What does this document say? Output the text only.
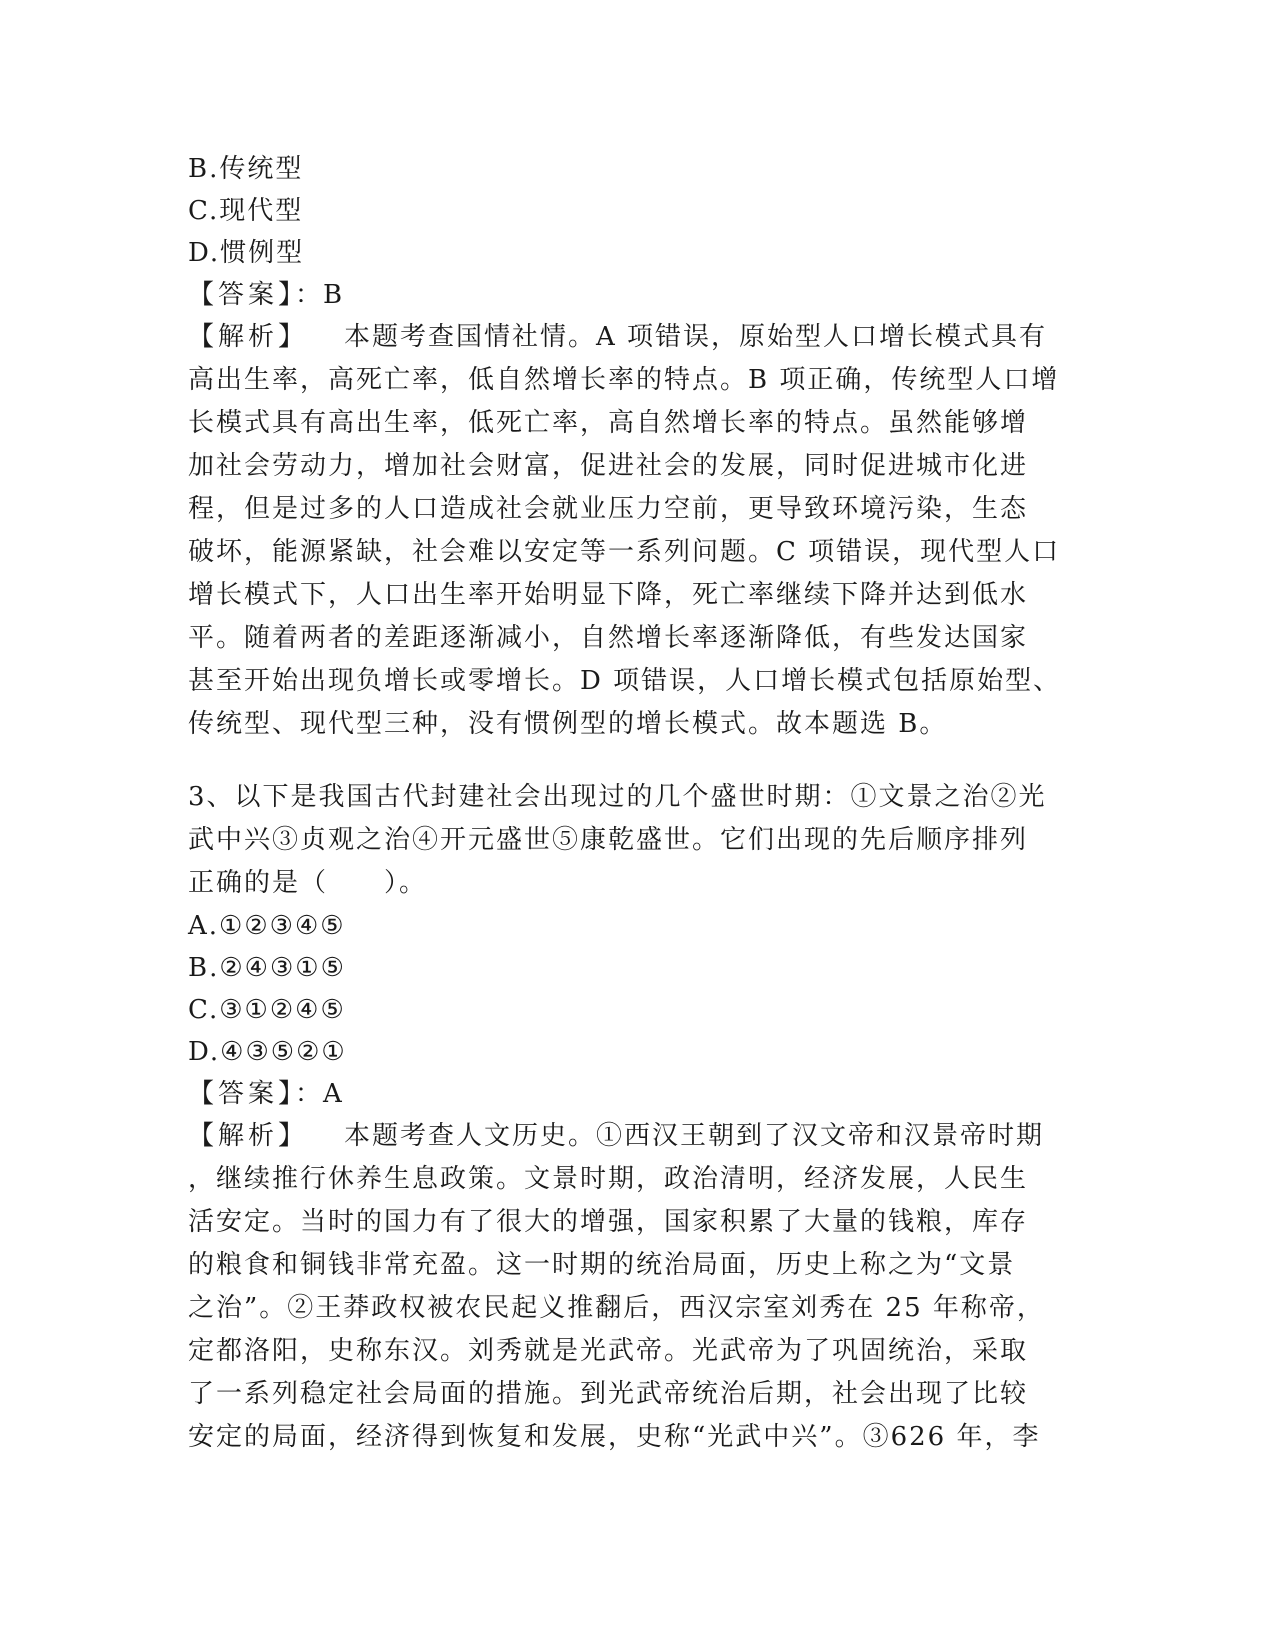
B.传统型
C.现代型
D.惯例型
【答案】：B
【解析】 本题考查国情社情。A 项错误，原始型人口增长模式具有
高出生率，高死亡率，低自然增长率的特点。B 项正确，传统型人口增
长模式具有高出生率，低死亡率，高自然增长率的特点。虽然能够增
加社会劳动力，增加社会财富，促进社会的发展，同时促进城市化进
程，但是过多的人口造成社会就业压力空前，更导致环境污染，生态
破坏，能源紧缺，社会难以安定等一系列问题。C 项错误，现代型人口
增长模式下，人口出生率开始明显下降，死亡率继续下降并达到低水
平。随着两者的差距逐渐减小，自然增长率逐渐降低，有些发达国家
甚至开始出现负增长或零增长。D 项错误，人口增长模式包括原始型、
传统型、现代型三种，没有惯例型的增长模式。故本题选 B。
3、以下是我国古代封建社会出现过的几个盛世时期：①文景之治②光
武中兴③贞观之治④开元盛世⑤康乾盛世。它们出现的先后顺序排列
正确的是（　　）。
A.①②③④⑤
B.②④③①⑤
C.③①②④⑤
D.④③⑤②①
【答案】：A
【解析】 本题考查人文历史。①西汉王朝到了汉文帝和汉景帝时期
，继续推行休养生息政策。文景时期，政治清明，经济发展，人民生
活安定。当时的国力有了很大的增强，国家积累了大量的钱粮，库存
的粮食和铜钱非常充盈。这一时期的统治局面，历史上称之为“文景
之治”。②王莽政权被农民起义推翻后，西汉宗室刘秀在 25 年称帝，
定都洛阳，史称东汉。刘秀就是光武帝。光武帝为了巩固统治，采取
了一系列稳定社会局面的措施。到光武帝统治后期，社会出现了比较
安定的局面，经济得到恢复和发展，史称“光武中兴”。③626 年，李
